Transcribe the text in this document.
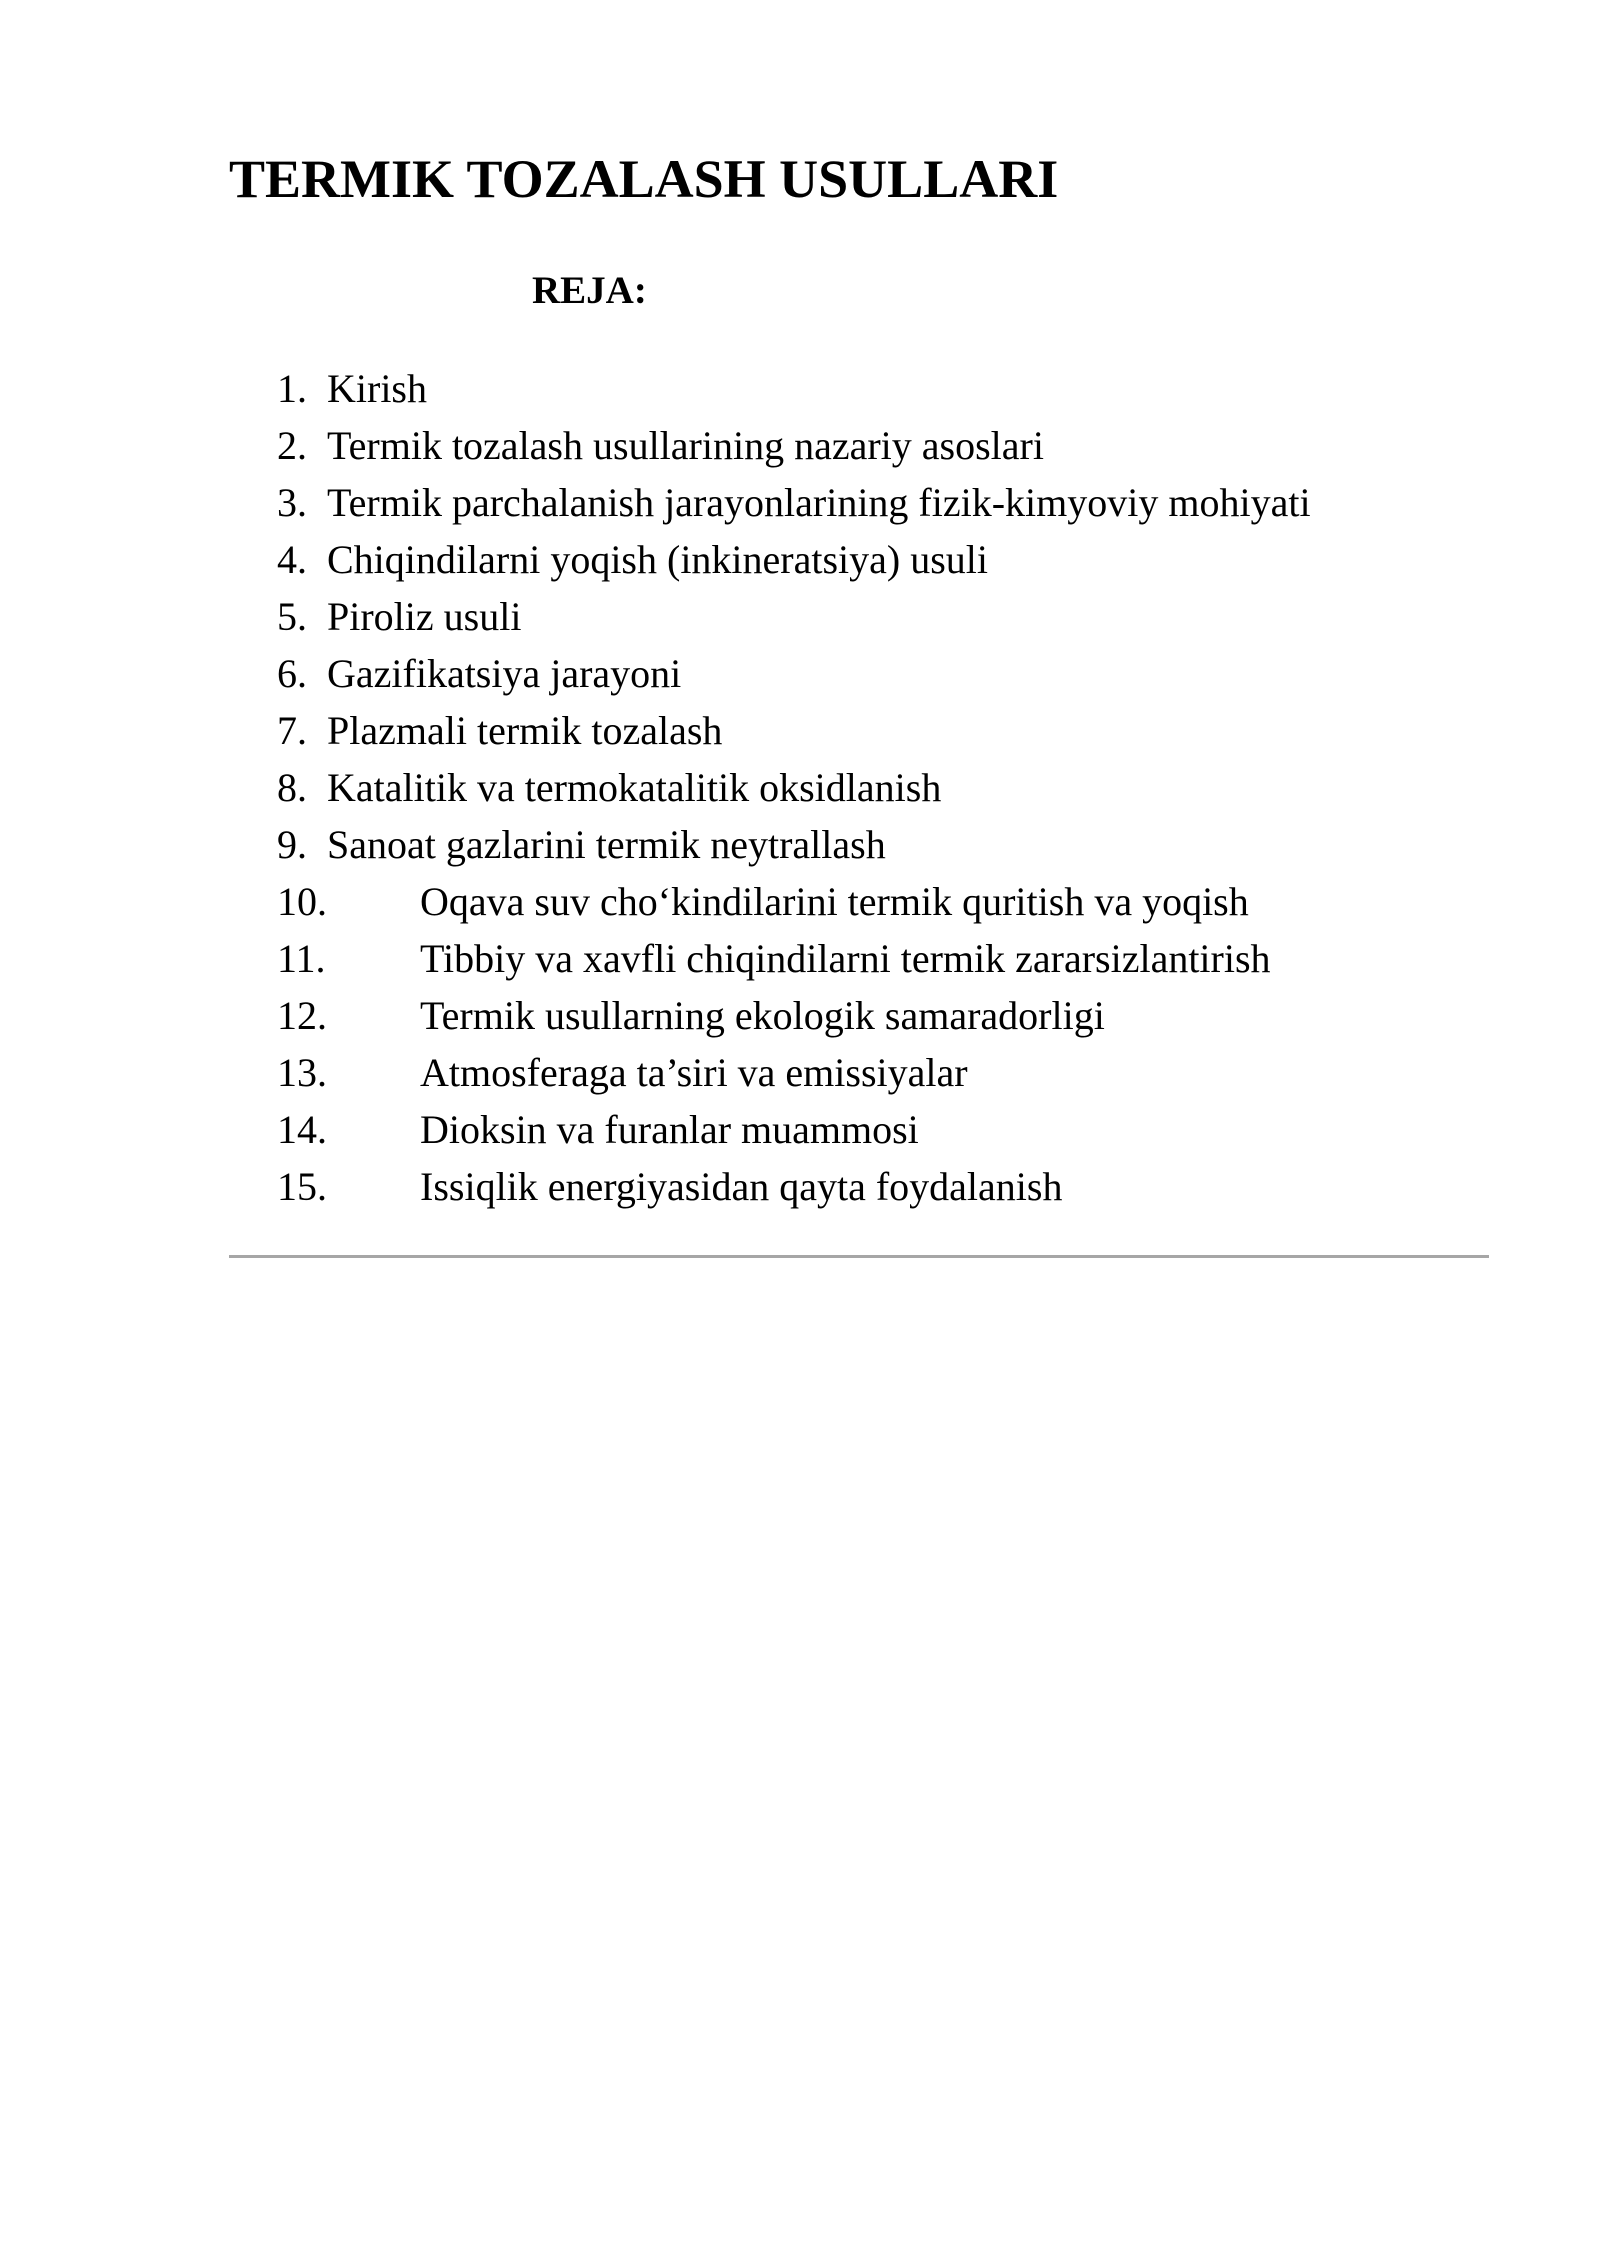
TERMIK TOZALASH USULLARI
REJA:
1. Kirish
2. Termik tozalash usullarining nazariy asoslari
3. Termik parchalanish jarayonlarining fizik-kimyoviy mohiyati
4. Chiqindilarni yoqish (inkineratsiya) usuli
5. Piroliz usuli
6. Gazifikatsiya jarayoni
7. Plazmali termik tozalash
8. Katalitik va termokatalitik oksidlanish
9. Sanoat gazlarini termik neytrallash
10. Oqava suv cho‘kindilarini termik quritish va yoqish
11. Tibbiy va xavfli chiqindilarni termik zararsizlantirish
12. Termik usullarning ekologik samaradorligi
13. Atmosferaga ta’siri va emissiyalar
14. Dioksin va furanlar muammosi
15. Issiqlik energiyasidan qayta foydalanish
